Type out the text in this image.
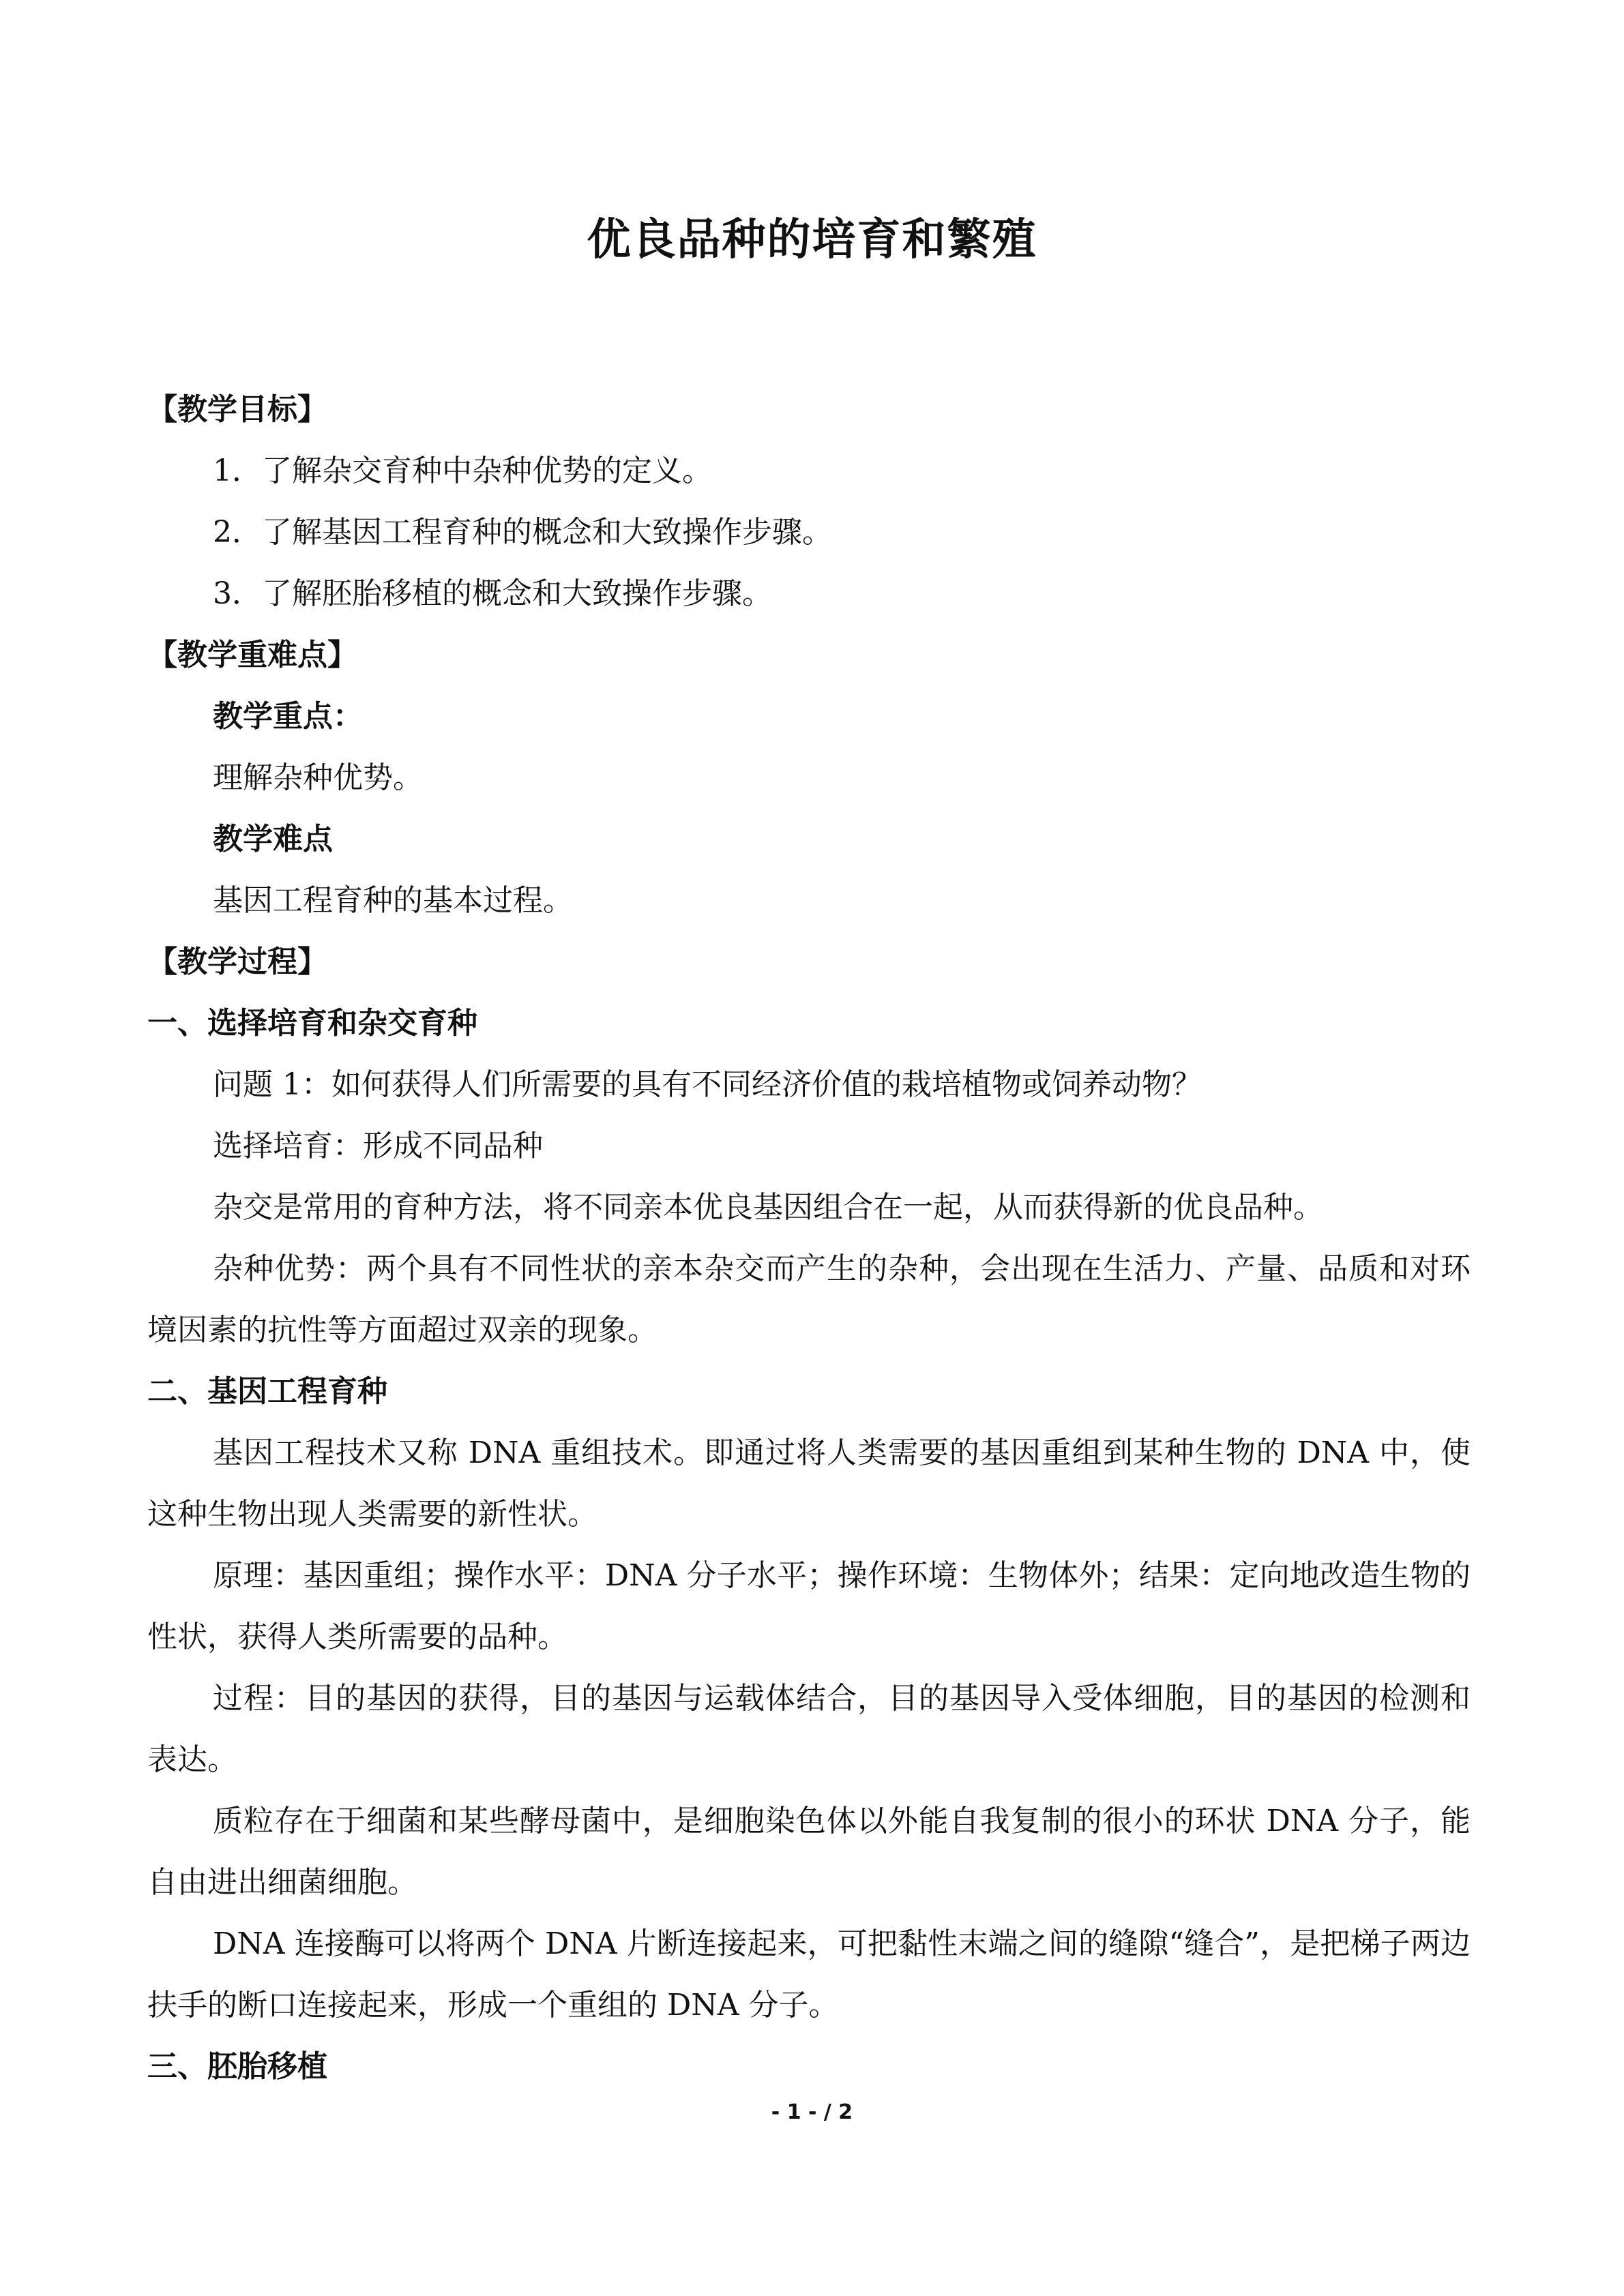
优良品种的培育和繁殖
【教学目标】
1．了解杂交育种中杂种优势的定义。
2．了解基因工程育种的概念和大致操作步骤。
3．了解胚胎移植的概念和大致操作步骤。
【教学重难点】
教学重点：
理解杂种优势。
教学难点
基因工程育种的基本过程。
【教学过程】
一、选择培育和杂交育种
问题 1：如何获得人们所需要的具有不同经济价值的栽培植物或饲养动物？
选择培育：形成不同品种
杂交是常用的育种方法，将不同亲本优良基因组合在一起，从而获得新的优良品种。
杂种优势：两个具有不同性状的亲本杂交而产生的杂种，会出现在生活力、产量、品质和对环境因素的抗性等方面超过双亲的现象。
二、基因工程育种
基因工程技术又称 DNA 重组技术。即通过将人类需要的基因重组到某种生物的 DNA 中，使这种生物出现人类需要的新性状。
原理：基因重组；操作水平：DNA 分子水平；操作环境：生物体外；结果：定向地改造生物的性状，获得人类所需要的品种。
过程：目的基因的获得，目的基因与运载体结合，目的基因导入受体细胞，目的基因的检测和表达。
质粒存在于细菌和某些酵母菌中，是细胞染色体以外能自我复制的很小的环状 DNA 分子，能自由进出细菌细胞。
DNA 连接酶可以将两个 DNA 片断连接起来，可把黏性末端之间的缝隙“缝合”，是把梯子两边扶手的断口连接起来，形成一个重组的 DNA 分子。
三、胚胎移植
- 1 - / 2
